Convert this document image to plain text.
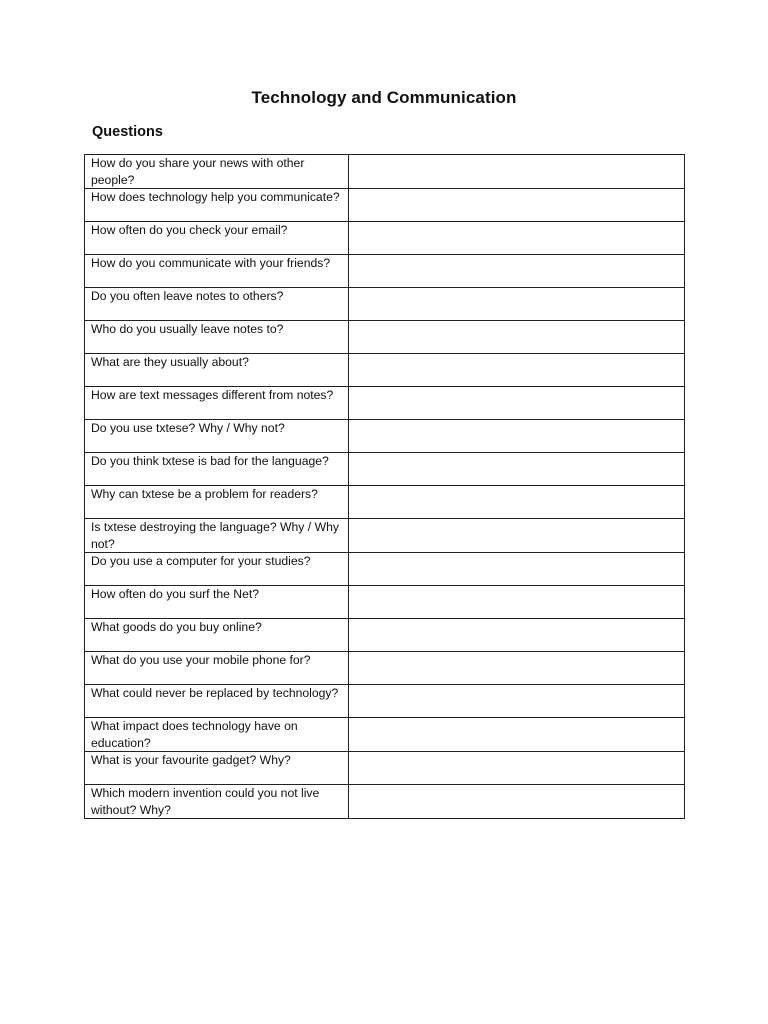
Technology and Communication
Questions
How do you share your news with other people?	
How does technology help you communicate?	
How often do you check your email?	
How do you communicate with your friends?	
Do you often leave notes to others?	
Who do you usually leave notes to?	
What are they usually about?	
How are text messages different from notes?	
Do you use txtese? Why / Why not?	
Do you think txtese is bad for the language?	
Why can txtese be a problem for readers?	
Is txtese destroying the language? Why / Why not?	
Do you use a computer for your studies?	
How often do you surf the Net?	
What goods do you buy online?	
What do you use your mobile phone for?	
What could never be replaced by technology?	
What impact does technology have on education?	
What is your favourite gadget? Why?	
Which modern invention could you not live without? Why?	
